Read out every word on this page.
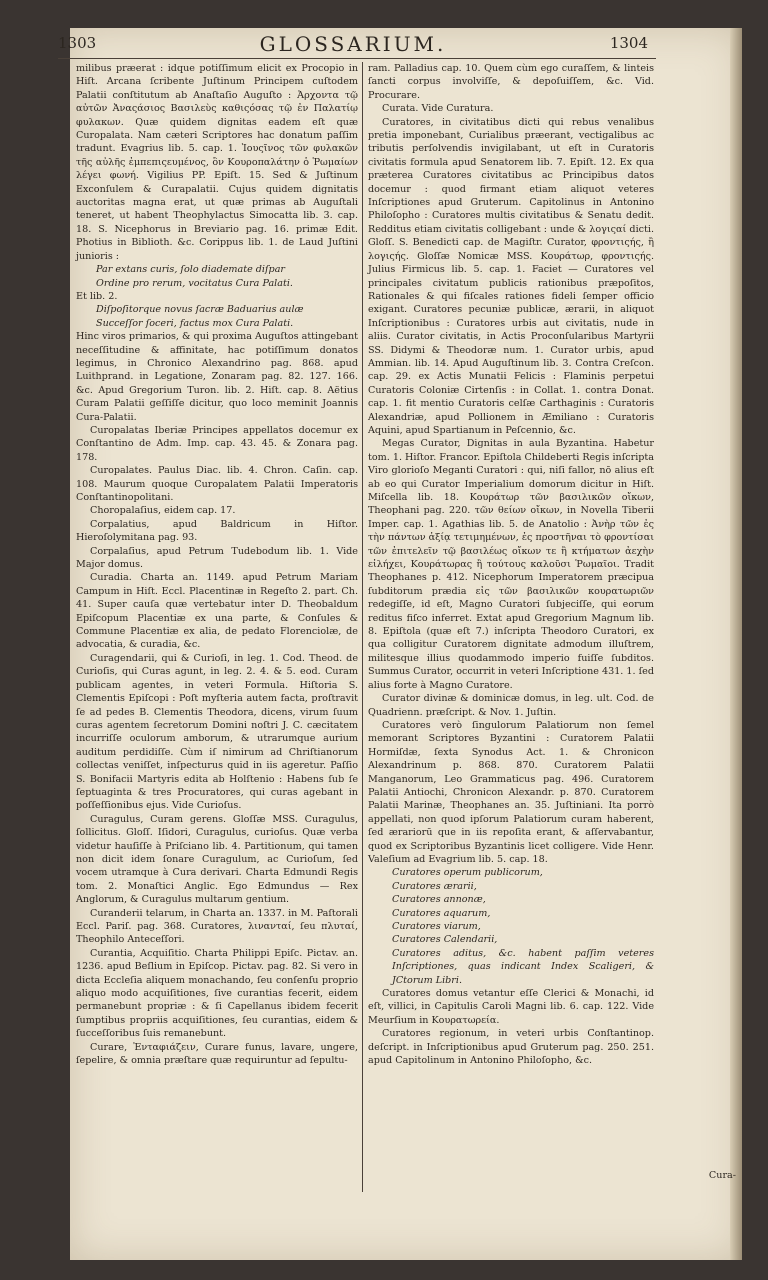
1303	GLOSSARIUM.	1304

milibus præerat : idque potiſſimum elicit ex Procopio in Hiſt. Arcana ſcribente Juſtinum Principem cuſtodem Palatii conſtitutum ab Anaſtaſio Auguſto : Ἀρχοντα τῷ αὐτῶν Ἀναςάσιος Βασιλεὺς καθιςόσας τῷ ἐν Παλατίῳ φυλακων. Quæ quidem dignitas eadem eſt quæ Curopalata. Nam cæteri Scriptores hac donatum paſſim tradunt. Evagrius lib. 5. cap. 1. Ἰουςῖνος τῶν φυλακῶν τῆς αὐλῆς ἐμπεπιςευμένος, ὃν Κουροπαλάτην ὁ Ῥωμαίων λέγει φωνή. Vigilius PP. Epiſt. 15. Sed & Juſtinum Exconſulem & Curapalatii. Cujus quidem dignitatis auctoritas magna erat, ut quæ primas ab Auguſtali teneret, ut habent Theophylactus Simocatta lib. 3. cap. 18. S. Nicephorus in Breviario pag. 16. primæ Edit. Photius in Biblioth. &c. Corippus lib. 1. de Laud Juſtini junioris :

Par extans curis, ſolo diademate diſpar

Ordine pro rerum, vocitatus Cura Palati.

Et lib. 2.

Diſpoſitorque novus ſacræ Baduarius aulæ

Succeſſor ſoceri, factus mox Cura Palati.

Hinc viros primarios, & qui proxima Auguſtos attingebant neceſſitudine & affinitate, hac potiſſimum donatos legimus, in Chronico Alexandrino pag. 868. apud Luithprand. in Legatione, Zonaram pag. 82. 127. 166. &c. Apud Gregorium Turon. lib. 2. Hiſt. cap. 8. Aëtius Curam Palatii geſſiſſe dicitur, quo loco meminit Joannis Cura-Palatii.

Curopalatas Iberiæ Principes appellatos docemur ex Conſtantino de Adm. Imp. cap. 43. 45. & Zonara pag. 178.

Curopalates. Paulus Diac. lib. 4. Chron. Caſin. cap. 108. Maurum quoque Curopalatem Palatii Imperatoris Conſtantinopolitani.

Choropalaſius, eidem cap. 17.

Corpalatius, apud Baldricum in Hiſtor. Hieroſolymitana pag. 93.

Corpalaſius, apud Petrum Tudebodum lib. 1. Vide Major domus.

Curadia. Charta an. 1149. apud Petrum Mariam Campum in Hiſt. Eccl. Placentinæ in Regeſto 2. part. Ch. 41. Super cauſa quæ vertebatur inter D. Theobaldum Epiſcopum Placentiæ ex una parte, & Conſules & Commune Placentiæ ex alia, de pedato Florenciolæ, de advocatia, & curadia, &c.

Curagendarii, qui & Curioſi, in leg. 1. Cod. Theod. de Curioſis, qui Curas agunt, in leg. 2. 4. & 5. eod. Curam publicam agentes, in veteri Formula. Hiſtoria S. Clementis Epiſcopi : Poſt myſteria autem facta, proſtravit ſe ad pedes B. Clementis Theodora, dicens, virum ſuum curas agentem ſecretorum Domini noſtri J. C. cæcitatem incurriſſe oculorum amborum, & utrarumque aurium auditum perdidiſſe. Cùm iſ nimirum ad Chriſtianorum collectas veniſſet, inſpecturus quid in iis ageretur. Paſſio S. Bonifacii Martyris edita ab Holſtenio : Habens ſub ſe ſeptuaginta & tres Procuratores, qui curas agebant in poſſeſſionibus ejus. Vide Curioſus.

Curagulus, Curam gerens. Gloſſæ MSS. Curagulus, ſollicitus. Gloſſ. Iſidori, Curagulus, curioſus. Quæ verba videtur hauſiſſe à Priſciano lib. 4. Partitionum, qui tamen non dicit idem ſonare Curagulum, ac Curioſum, ſed vocem utramque à Cura derivari. Charta Edmundi Regis tom. 2. Monaſtici Anglic. Ego Edmundus — Rex Anglorum, & Curagulus multarum gentium.

Curanderii telarum, in Charta an. 1337. in M. Paſtorali Eccl. Pariſ. pag. 368. Curatores, λινανταί, ſeu πλυταί, Theophilo Anteceſſori.

Curantia, Acquiſitio. Charta Philippi Epiſc. Pictav. an. 1236. apud Beſlium in Epiſcop. Pictav. pag. 82. Si vero in dicta Eccleſia aliquem monachando, ſeu conſenſu proprio aliquo modo acquiſitiones, ſive curantias fecerit, eidem permanebunt propriæ : & ſi Capellanus ibidem fecerit ſumptibus propriis acquiſitiones, ſeu curantias, eidem & ſucceſſoribus ſuis remanebunt.

Curare, Ἐνταφιάζειν, Curare funus, lavare, ungere, ſepelire, & omnia præſtare quæ requiruntur ad ſepultu-

ram. Palladius cap. 10. Quem cùm ego curaſſem, & linteis ſancti corpus involviſſe, & depoſuiſſem, &c. Vid. Procurare.

Curata. Vide Curatura.

Curatores, in civitatibus dicti qui rebus venalibus pretia imponebant, Curialibus præerant, vectigalibus ac tributis perſolvendis invigilabant, ut eſt in Curatoris civitatis formula apud Senatorem lib. 7. Epiſt. 12. Ex qua præterea Curatores civitatibus ac Principibus datos docemur : quod firmant etiam aliquot veteres Inſcriptiones apud Gruterum. Capitolinus in Antonino Philoſopho : Curatores multis civitatibus & Senatu dedit. Redditus etiam civitatis colligebant : unde & λογιςαί dicti. Gloſſ. S. Benedicti cap. de Magiſtr. Curator, φροντιςής, ἢ λογιςής. Gloſſæ Nomicæ MSS. Κουράτωρ, φροντιςής. Julius Firmicus lib. 5. cap. 1. Faciet — Curatores vel principales civitatum publicis rationibus præpoſitos, Rationales & qui fiſcales rationes fideli ſemper officio exigant. Curatores pecuniæ publicæ, ærarii, in aliquot Inſcriptionibus : Curatores urbis aut civitatis, nude in aliis. Curator civitatis, in Actis Proconſularibus Martyrii SS. Didymi & Theodoræ num. 1. Curator urbis, apud Ammian. lib. 14. Apud Auguſtinum lib. 3. Contra Creſcon. cap. 29. ex Actis Munatii Felicis : Flaminis perpetui Curatoris Coloniæ Cirtenſis : in Collat. 1. contra Donat. cap. 1. fit mentio Curatoris celſæ Carthaginis : Curatoris Alexandriæ, apud Pollionem in Æmiliano : Curatoris Aquini, apud Spartianum in Peſcennio, &c.

Megas Curator, Dignitas in aula Byzantina. Habetur tom. 1. Hiſtor. Francor. Epiſtola Childeberti Regis inſcripta Viro glorioſo Meganti Curatori : qui, niſi fallor, nō alius eſt ab eo qui Curator Imperialium domorum dicitur in Hiſt. Miſcella lib. 18. Κουράτωρ τῶν βασιλικῶν οἴκων, Theophani pag. 220. τῶν θείων οἴκων, in Novella Tiberii Imper. cap. 1. Agathias lib. 5. de Anatolio : Ἀνὴρ τῶν ἐς τὴν πάντων ἀξίᾳ τετιμημένων, ἐς προστῆναι τὸ φροντίσαι τῶν ἐπιτελεῖν τῷ βασιλέως οἴκων τε ἢ κτήματων ἀεχὴν εἰλήχει, Κουράτωρας ἢ τούτους καλοῦσι Ῥωμαῖοι. Tradit Theophanes p. 412. Nicephorum Imperatorem præcipua ſubditorum prædia εἰς τῶν βασιλικῶν κουρατωριῶν redegiſſe, id eſt, Magno Curatori ſubjeciſſe, qui eorum reditus fiſco inferret. Extat apud Gregorium Magnum lib. 8. Epiſtola (quæ eſt 7.) inſcripta Theodoro Curatori, ex qua colligitur Curatorem dignitate admodum illuſtrem, militesque illius quodammodo imperio fuiſſe ſubditos. Summus Curator, occurrit in veteri Inſcriptione 431. 1. ſed alius forte à Magno Curatore.

Curator divinæ & dominicæ domus, in leg. ult. Cod. de Quadrienn. præſcript. & Nov. 1. Juſtin.

Curatores verò ſingulorum Palatiorum non ſemel memorant Scriptores Byzantini : Curatorem Palatii Hormiſdæ, ſexta Synodus Act. 1. & Chronicon Alexandrinum p. 868. 870. Curatorem Palatii Manganorum, Leo Grammaticus pag. 496. Curatorem Palatii Antiochi, Chronicon Alexandr. p. 870. Curatorem Palatii Marinæ, Theophanes an. 35. Juſtiniani. Ita porrò appellati, non quod ipſorum Palatiorum curam haberent, ſed ærariorū que in iis repoſita erant, & aſſervabantur, quod ex Scriptoribus Byzantinis licet colligere. Vide Henr. Valeſium ad Evagrium lib. 5. cap. 18.

Curatores operum publicorum,

Curatores ærarii,

Curatores annonæ,

Curatores aquarum,

Curatores viarum,

Curatores Calendarii,

Curatores aditus, &c. habent paſſim veteres Inſcriptiones, quas indicant Index Scaligeri, & JCtorum Libri.

Curatores domus vetantur eſſe Clerici & Monachi, id eſt, villici, in Capitulis Caroli Magni lib. 6. cap. 122. Vide Meurſium in Κουρατωρεία.

Curatores regionum, in veteri urbis Conſtantinop. deſcript. in Inſcriptionibus apud Gruterum pag. 250. 251. apud Capitolinum in Antonino Philoſopho, &c.

Cura-
